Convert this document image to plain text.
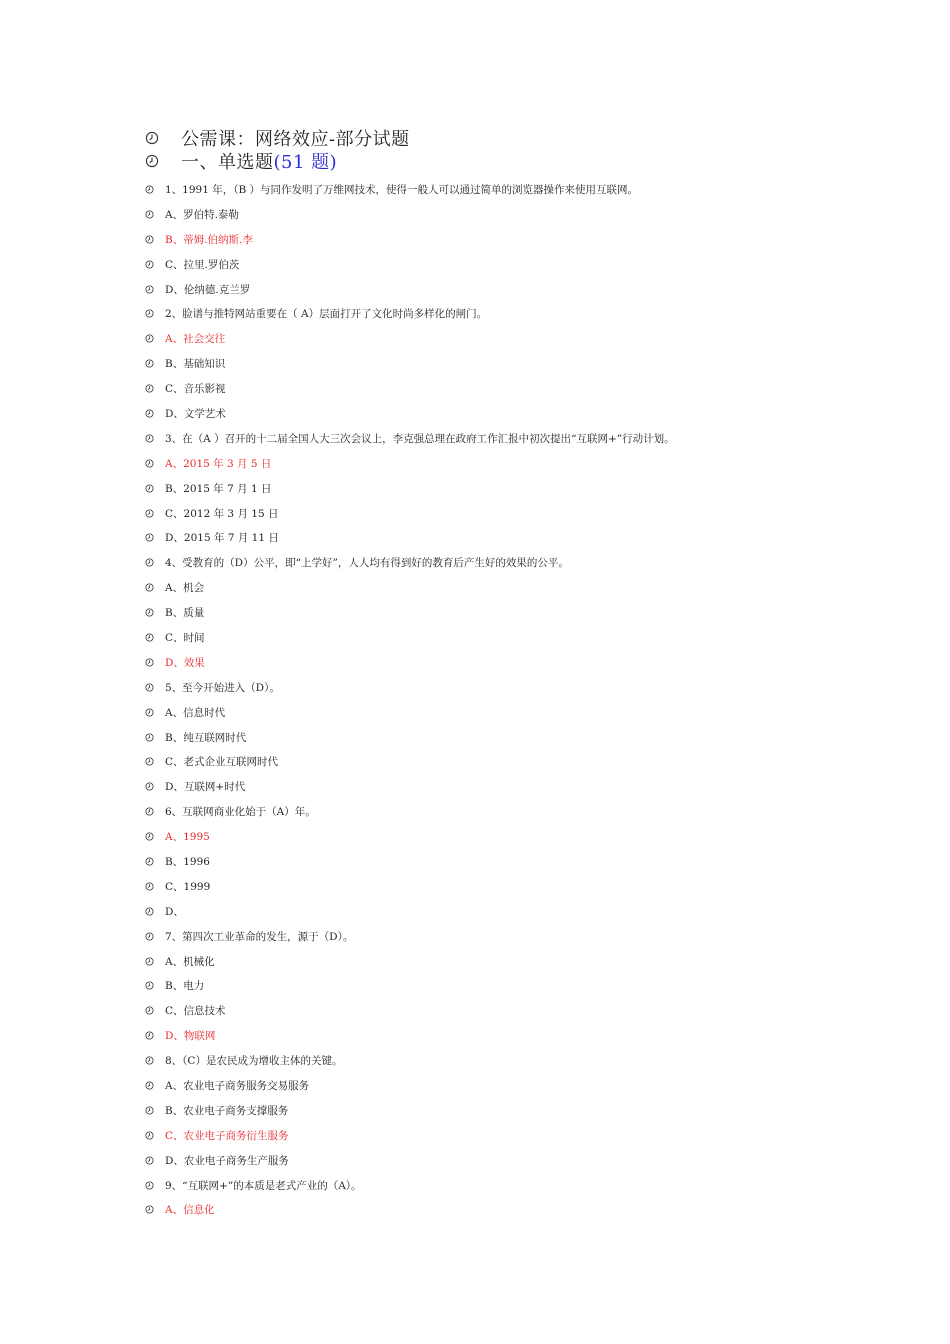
公需课：网络效应-部分试题
一、单选题(51 题)
1、1991 年，（B ）与同作发明了万维网技术，使得一般人可以通过简单的浏览器操作来使用互联网。
A、罗伯特.泰勒
B、蒂姆.伯纳斯.李
C、拉里.罗伯茨
D、伦纳德.克兰罗
2、脸谱与推特网站重要在（ A）层面打开了文化时尚多样化的闸门。
A、社会交往
B、基础知识
C、音乐影视
D、文学艺术
3、在（A ）召开的十二届全国人大三次会议上，李克强总理在政府工作汇报中初次提出“互联网+”行动计划。
A、2015 年 3 月 5 日
B、2015 年 7 月 1 日
C、2012 年 3 月 15 日
D、2015 年 7 月 11 日
4、受教育的（D）公平，即“上学好”，人人均有得到好的教育后产生好的效果的公平。
A、机会
B、质量
C、时间
D、效果
5、至今开始进入（D）。
A、信息时代
B、纯互联网时代
C、老式企业互联网时代
D、互联网+时代
6、互联网商业化始于（A）年。
A、1995
B、1996
C、1999
D、
7、第四次工业革命的发生，源于（D）。
A、机械化
B、电力
C、信息技术
D、物联网
8、（C）是农民成为增收主体的关键。
A、农业电子商务服务交易服务
B、农业电子商务支撑服务
C、农业电子商务衍生服务
D、农业电子商务生产服务
9、“互联网+”的本质是老式产业的（A）。
A、信息化
